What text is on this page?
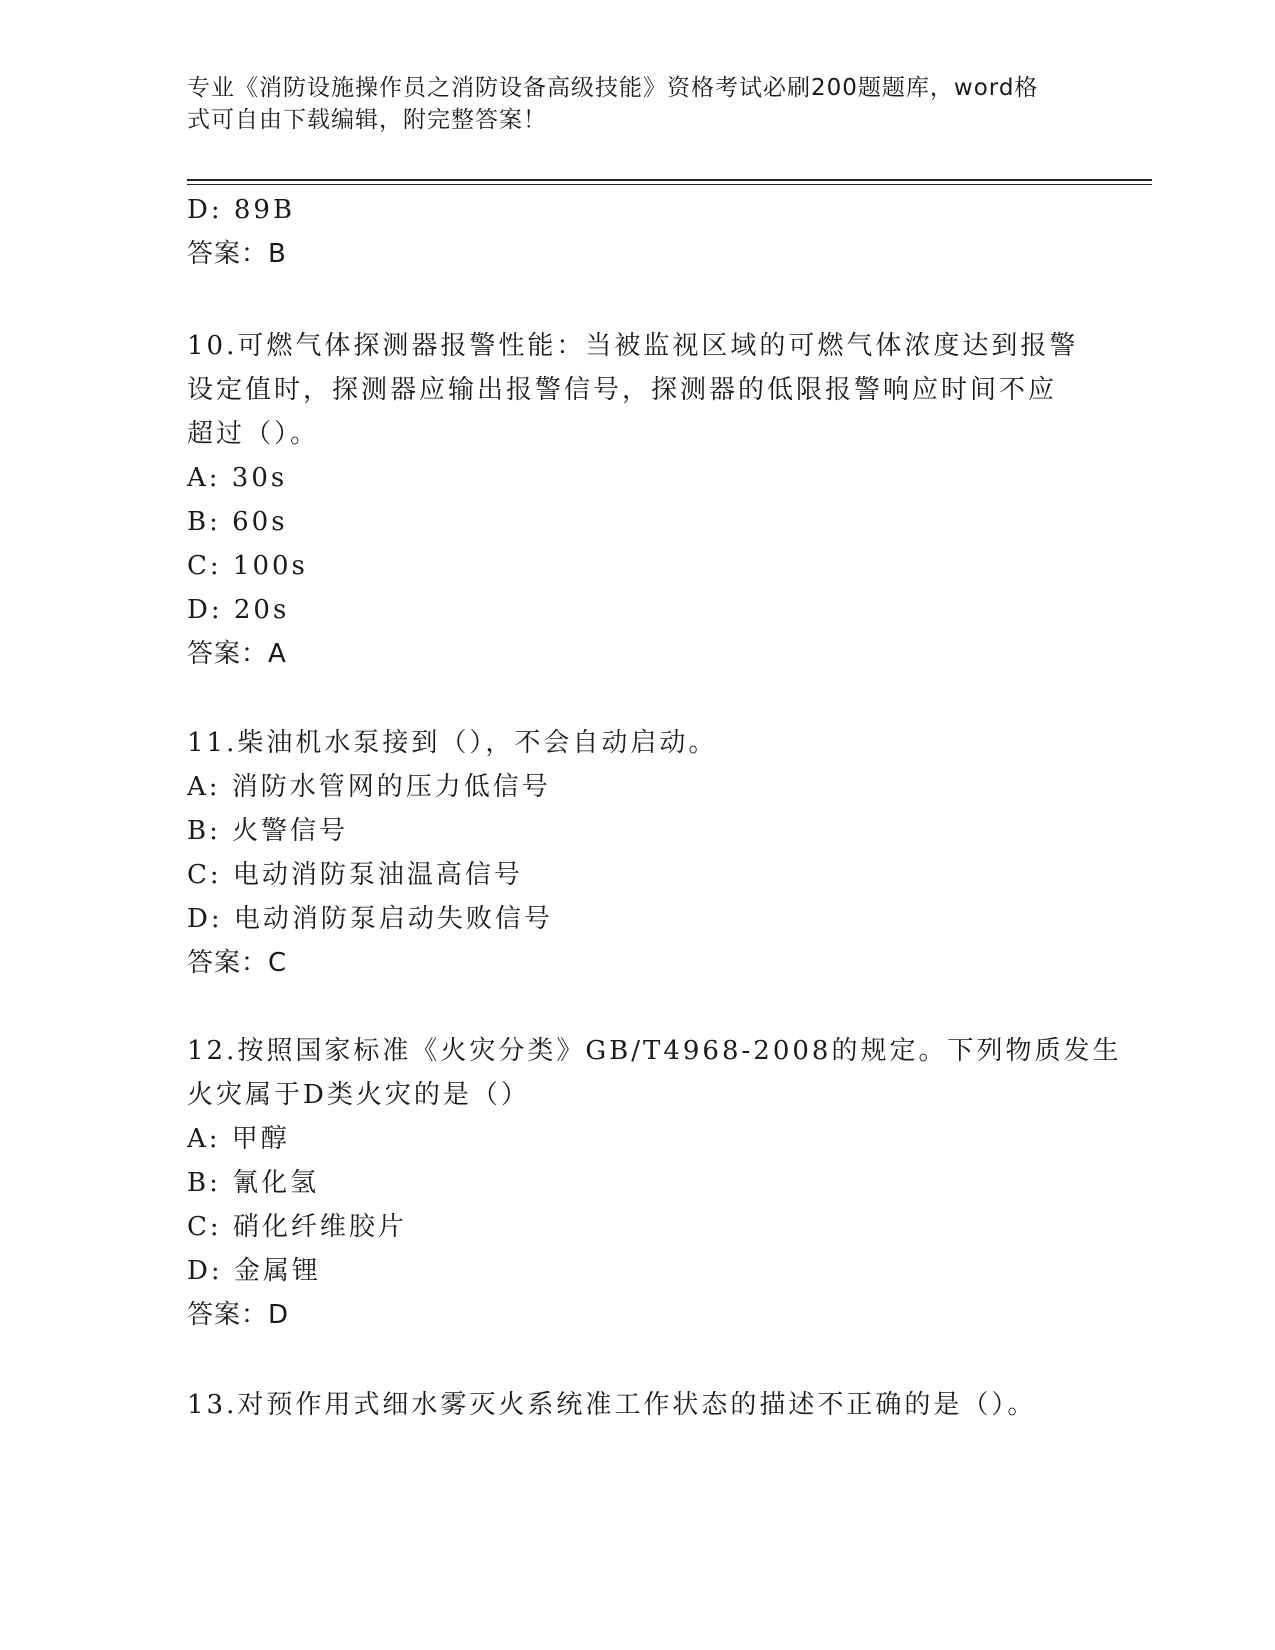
专业《消防设施操作员之消防设备高级技能》资格考试必刷200题题库，word格
式可自由下载编辑，附完整答案！
D: 89B
答案：B
10.可燃气体探测器报警性能：当被监视区域的可燃气体浓度达到报警
设定值时，探测器应输出报警信号，探测器的低限报警响应时间不应
超过（）。
A: 30s
B: 60s
C: 100s
D: 20s
答案：A
11.柴油机水泵接到（），不会自动启动。
A: 消防水管网的压力低信号
B: 火警信号
C: 电动消防泵油温高信号
D: 电动消防泵启动失败信号
答案：C
12.按照国家标准《火灾分类》GB/T4968-2008的规定。下列物质发生
火灾属于D类火灾的是（）
A: 甲醇
B: 氰化氢
C: 硝化纤维胶片
D: 金属锂
答案：D
13.对预作用式细水雾灭火系统准工作状态的描述不正确的是（）。
